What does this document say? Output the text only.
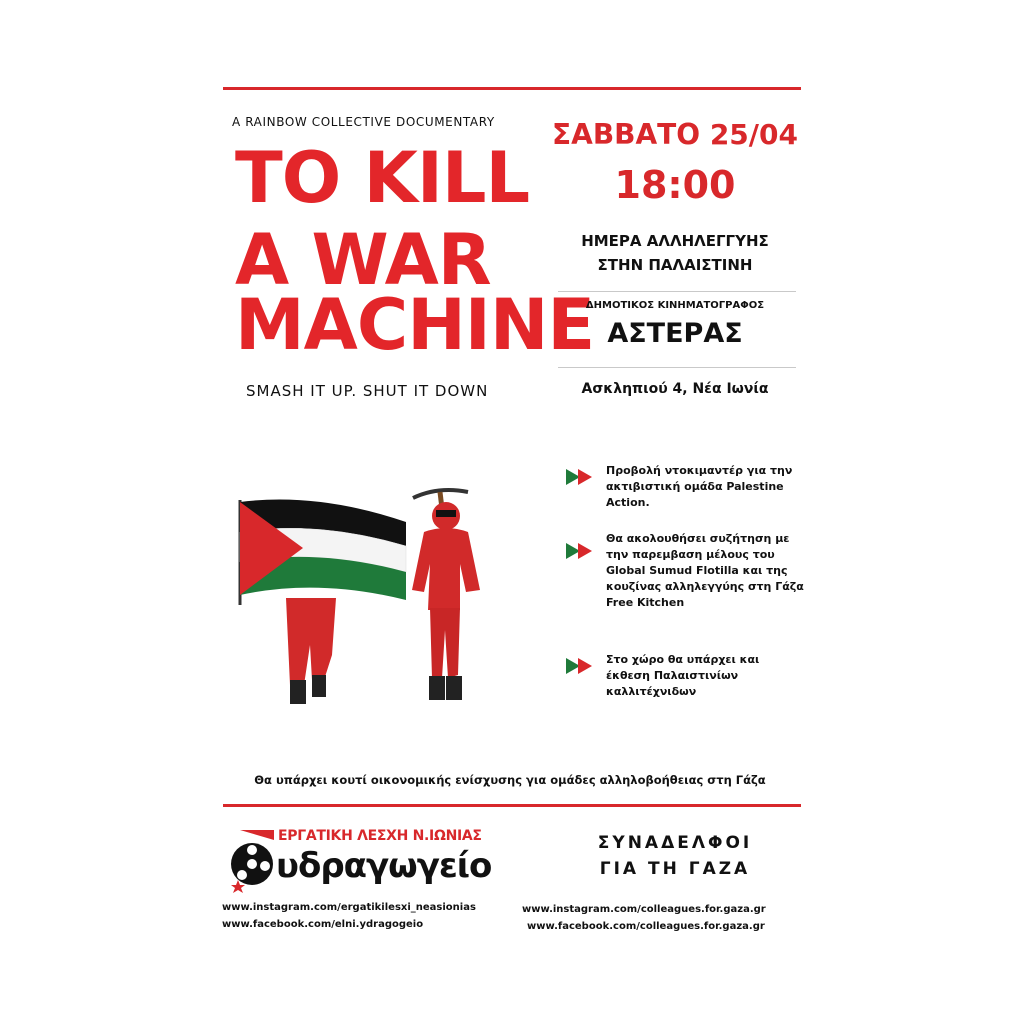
A RAINBOW COLLECTIVE DOCUMENTARY
TO KILL
A WAR
MACHINE
SMASH IT UP. SHUT IT DOWN
ΣΑΒΒΑΤΟ 25/04
18:00
ΗΜΕΡΑ ΑΛΛΗΛΕΓΓΥΗΣ
ΣΤΗΝ ΠΑΛΑΙΣΤΙΝΗ
ΔΗΜΟΤΙΚΟΣ ΚΙΝΗΜΑΤΟΓΡΑΦΟΣ
ΑΣΤΕΡΑΣ
Ασκληπιού 4, Νέα Ιωνία
Προβολή ντοκιμαντέρ για την ακτιβιστική ομάδα Palestine Action.
Θα ακολουθήσει συζήτηση με την παρεμβαση μέλους του Global Sumud Flotilla και της κουζίνας αλληλεγγύης στη Γάζα Free Kitchen
Στο χώρο θα υπάρχει και έκθεση Παλαιστινίων καλλιτέχνιδων
Θα υπάρχει κουτί οικονομικής ενίσχυσης για ομάδες αλληλοβοήθειας στη Γάζα
ΕΡΓΑΤΙΚΗ ΛΕΣΧΗ Ν.ΙΩΝΙΑΣ
υδραγωγείο
www.instagram.com/ergatikilesxi_neasionias
www.facebook.com/elni.ydragogeio
ΣΥΝΑΔΕΛΦΟΙ
ΓΙΑ ΤΗ ΓΑΖΑ
www.instagram.com/colleagues.for.gaza.gr
www.facebook.com/colleagues.for.gaza.gr
